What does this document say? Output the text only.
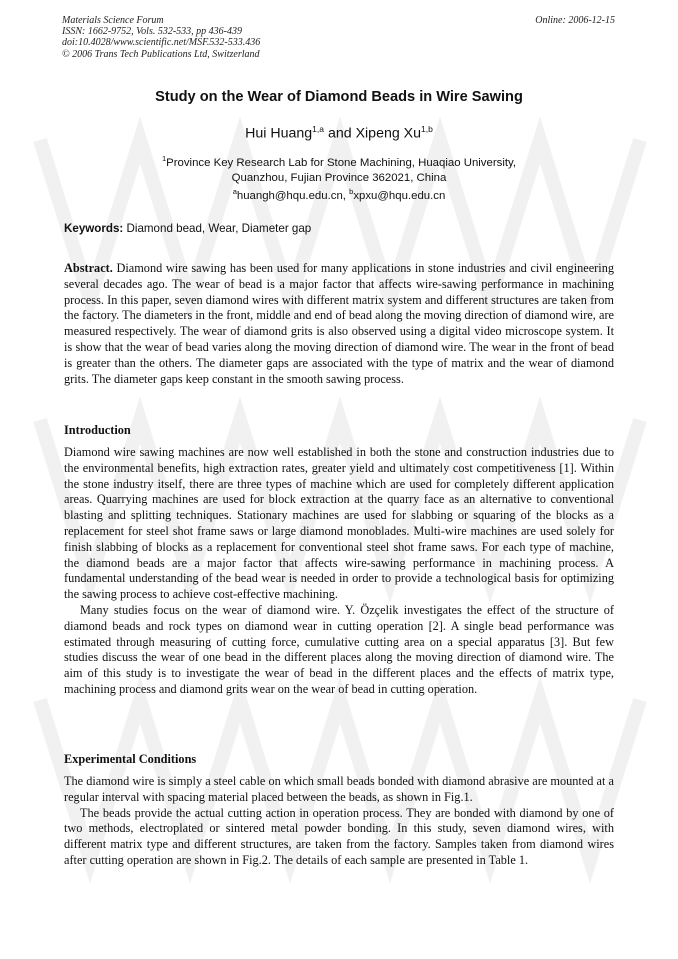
Materials Science Forum
ISSN: 1662-9752, Vols. 532-533, pp 436-439
doi:10.4028/www.scientific.net/MSF.532-533.436
© 2006 Trans Tech Publications Ltd, Switzerland
Online: 2006-12-15
Study on the Wear of Diamond Beads in Wire Sawing
Hui Huang$^{1,a}$ and Xipeng Xu$^{1,b}$
$^1$Province Key Research Lab for Stone Machining, Huaqiao University,
Quanzhou, Fujian Province 362021, China
$^a$huangh@hqu.edu.cn, $^b$xpxu@hqu.edu.cn
Keywords: Diamond bead, Wear, Diameter gap

Abstract. Diamond wire sawing has been used for many applications in stone industries and civil engineering several decades ago. The wear of bead is a major factor that affects wire-sawing performance in machining process. In this paper, seven diamond wires with different matrix system and different structures are taken from the factory. The diameters in the front, middle and end of bead along the moving direction of diamond wire, are measured respectively. The wear of diamond grits is also observed using a digital video microscope system. It is show that the wear of bead varies along the moving direction of diamond wire. The wear in the front of bead is greater than the others. The diameter gaps are associated with the type of matrix and the wear of diamond grits. The diameter gaps keep constant in the smooth sawing process.

Introduction

Diamond wire sawing machines are now well established in both the stone and construction industries due to the environmental benefits, high extraction rates, greater yield and ultimately cost competitiveness [1]. Within the stone industry itself, there are three types of machine which are used for completely different application areas. Quarrying machines are used for block extraction at the quarry face as an alternative to conventional blasting and splitting techniques. Stationary machines are used for slabbing or squaring of the blocks as a replacement for steel shot frame saws or large diamond monoblades. Multi-wire machines are used solely for finish slabbing of blocks as a replacement for conventional steel shot frame saws. For each type of machine, the diamond beads are a major factor that affects wire-sawing performance in machining process. A fundamental understanding of the bead wear is needed in order to provide a technological basis for optimizing the sawing process to achieve cost-effective machining.

Many studies focus on the wear of diamond wire. Y. Özçelik investigates the effect of the structure of diamond beads and rock types on diamond wear in cutting operation [2]. A single bead performance was estimated through measuring of cutting force, cumulative cutting area on a special apparatus [3]. But few studies discuss the wear of one bead in the different places along the moving direction of diamond wire. The aim of this study is to investigate the wear of bead in the different places and the effects of matrix type, machining process and diamond grits wear on the wear of bead in cutting operation.

Experimental Conditions

The diamond wire is simply a steel cable on which small beads bonded with diamond abrasive are mounted at a regular interval with spacing material placed between the beads, as shown in Fig.1.

The beads provide the actual cutting action in operation process. They are bonded with diamond by one of two methods, electroplated or sintered metal powder bonding. In this study, seven diamond wires, with different matrix type and different structures, are taken from the factory. Samples taken from diamond wires after cutting operation are shown in Fig.2. The details of each sample are presented in Table 1.
